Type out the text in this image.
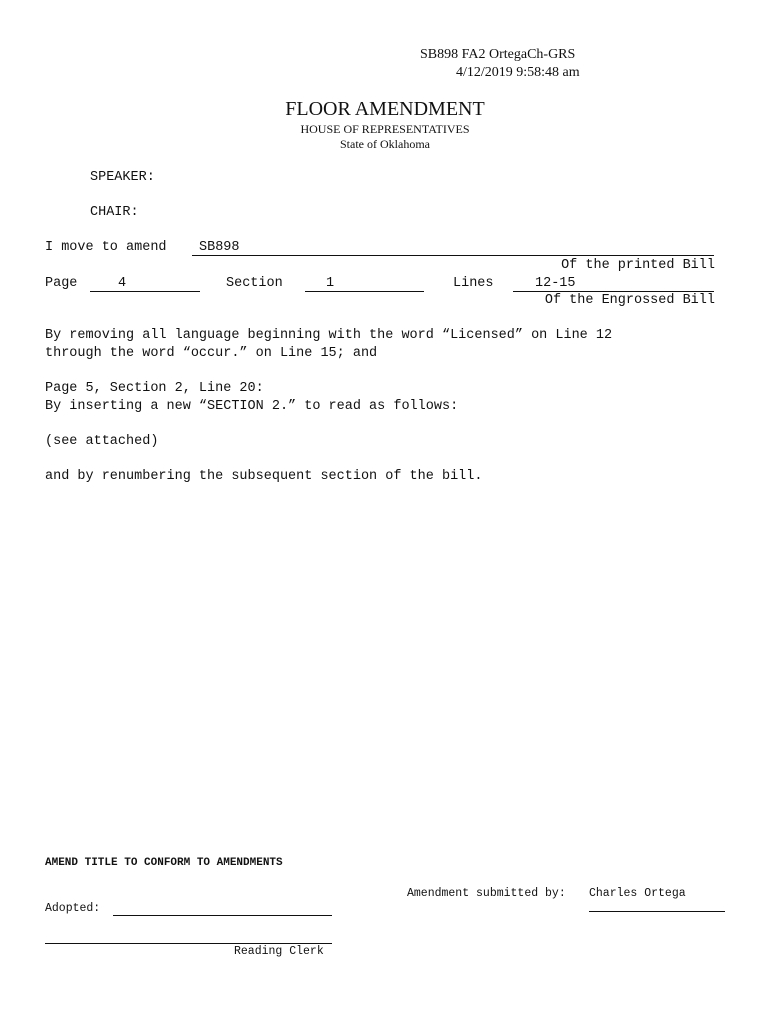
SB898 FA2 OrtegaCh-GRS
4/12/2019 9:58:48 am
FLOOR AMENDMENT
HOUSE OF REPRESENTATIVES
State of Oklahoma
SPEAKER:
CHAIR:
I move to amend SB898
Of the printed Bill
Page	4	Section	1	Lines	12-15
Of the Engrossed Bill
By removing all language beginning with the word “Licensed” on Line 12
through the word “occur.” on Line 15; and
Page 5, Section 2, Line 20:
By inserting a new “SECTION 2.” to read as follows:
(see attached)
and by renumbering the subsequent section of the bill.
AMEND TITLE TO CONFORM TO AMENDMENTS
Amendment submitted by: Charles Ortega
Adopted:
Reading Clerk
